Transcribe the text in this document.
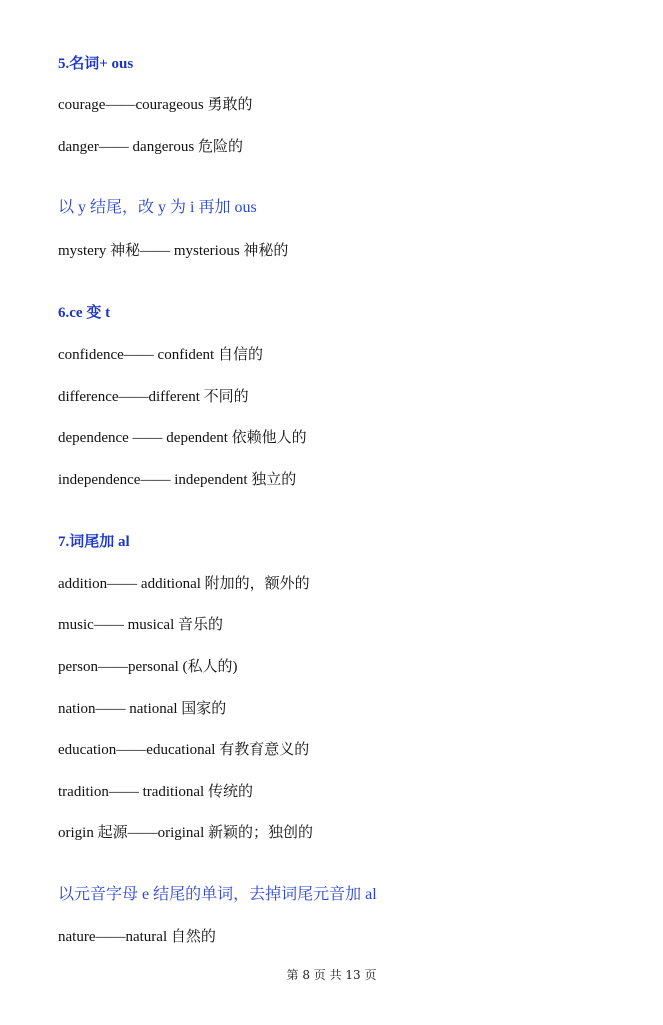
5.名词+ ous
courage——courageous 勇敢的
danger—— dangerous 危险的
以 y 结尾，改 y 为 i 再加 ous
mystery 神秘—— mysterious 神秘的
6.ce 变 t
confidence—— confident 自信的
difference——different 不同的
dependence —— dependent 依赖他人的
independence—— independent 独立的
7.词尾加 al
addition—— additional 附加的，额外的
music—— musical 音乐的
person——personal (私人的)
nation—— national 国家的
education——educational 有教育意义的
tradition—— traditional 传统的
origin 起源——original 新颖的；独创的
以元音字母 e 结尾的单词，去掉词尾元音加 al
nature——natural 自然的
第 8 页 共 13 页
